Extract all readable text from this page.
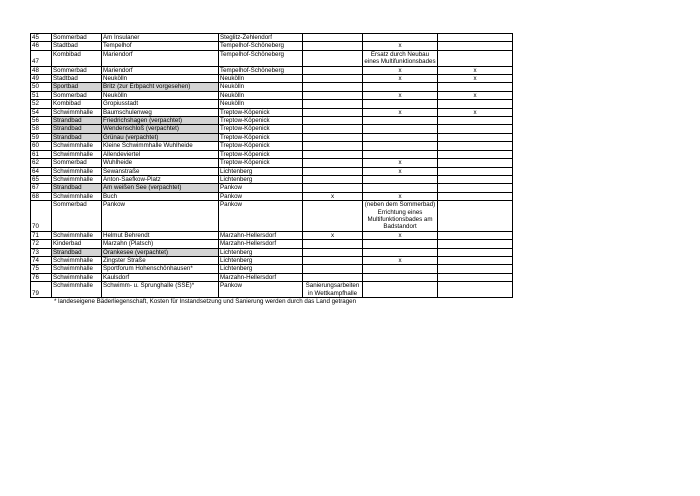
45	Sommerbad	Am Insulaner	Steglitz-Zehlendorf			
46	Stadtbad	Tempelhof	Tempelhof-Schöneberg		x	
47	Kombibad	Mariendorf	Tempelhof-Schöneberg		Ersatz durch Neubau eines Multifunktionsbades	
48	Sommerbad	Mariendorf	Tempelhof-Schöneberg		x	x
49	Stadtbad	Neukölln	Neukölln		x	x
50	Sportbad	Britz (zur Erbpacht vorgesehen)	Neukölln			
51	Sommerbad	Neukölln	Neukölln		x	x
52	Kombibad	Gropiusstadt	Neukölln			
54	Schwimmhalle	Baumschulenweg	Treptow-Köpenick		x	x
56	Strandbad	Friedrichshagen (verpachtet)	Treptow-Köpenick			
58	Strandbad	Wendenschloß (verpachtet)	Treptow-Köpenick			
59	Strandbad	Grünau (verpachtet)	Treptow-Köpenick			
60	Schwimmhalle	Kleine Schwimmhalle Wuhlheide	Treptow-Köpenick			
61	Schwimmhalle	Allendeviertel	Treptow-Köpenick			
62	Sommerbad	Wuhlheide	Treptow-Köpenick		x	
64	Schwimmhalle	Sewanstraße	Lichtenberg		x	
65	Schwimmhalle	Anton-Saefkow-Platz	Lichtenberg			
67	Strandbad	Am weißen See (verpachtet)	Pankow			
68	Schwimmhalle	Buch	Pankow	x	x	
70	Sommerbad	Pankow	Pankow		(neben dem Sommerbad) Errichtung eines Multifunktionsbades am Badstandort	
71	Schwimmhalle	Helmut Behrendt	Marzahn-Hellersdorf	x	x	
72	Kinderbad	Marzahn (Platsch)	Marzahn-Hellersdorf			
73	Strandbad	Orankesee (verpachtet)	Lichtenberg			
74	Schwimmhalle	Zingster Straße	Lichtenberg		x	
75	Schwimmhalle	Sportforum Hohenschönhausen*	Lichtenberg			
76	Schwimmhalle	Kaulsdorf	Marzahn-Hellersdorf			
79	Schwimmhalle	Schwimm- u. Sprunghalle (SSE)*	Pankow	Sanierungsarbeiten in Wettkampfhalle		
* landeseigene Bäderliegenschaft, Kosten für Instandsetzung und Sanierung werden durch das Land getragen
